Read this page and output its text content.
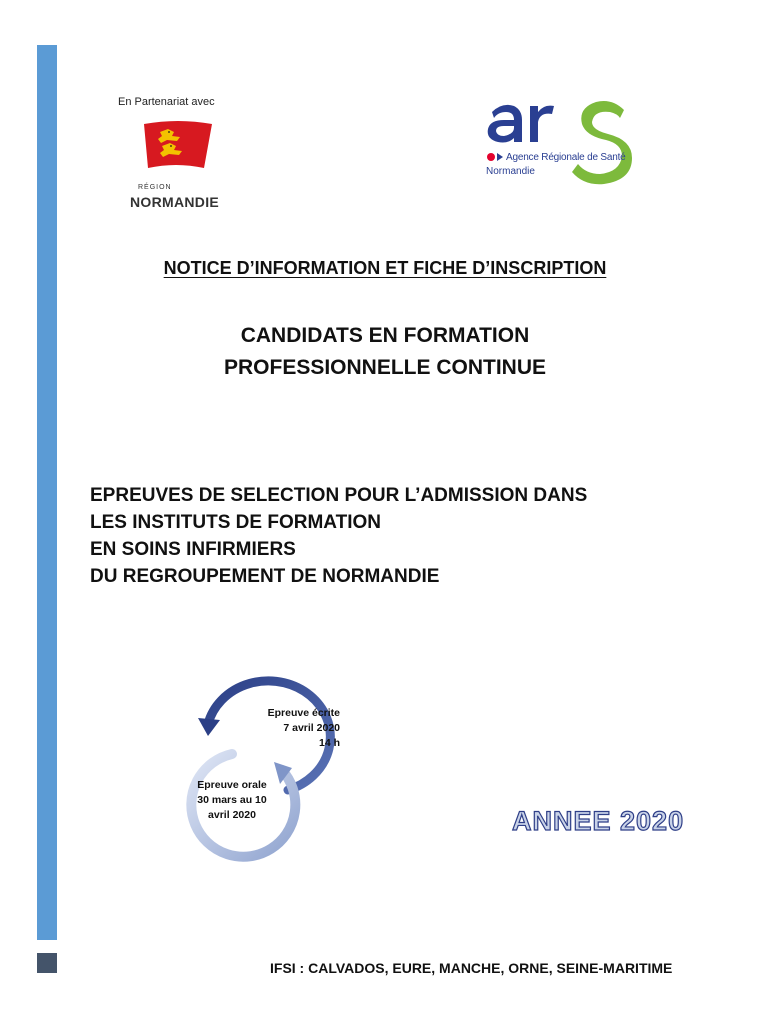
En Partenariat avec
RÉGION
NORMANDIE
Agence Régionale de Santé
Normandie
NOTICE D’INFORMATION ET FICHE D’INSCRIPTION
CANDIDATS EN FORMATION
PROFESSIONNELLE CONTINUE
EPREUVES DE SELECTION POUR L’ADMISSION DANS
LES INSTITUTS DE FORMATION
EN SOINS INFIRMIERS
DU REGROUPEMENT DE NORMANDIE
Epreuve écrite
7 avril 2020
14 h
Epreuve orale
30 mars au 10
avril 2020	ANNEE 2020
IFSI : CALVADOS, EURE, MANCHE, ORNE, SEINE-MARITIME
